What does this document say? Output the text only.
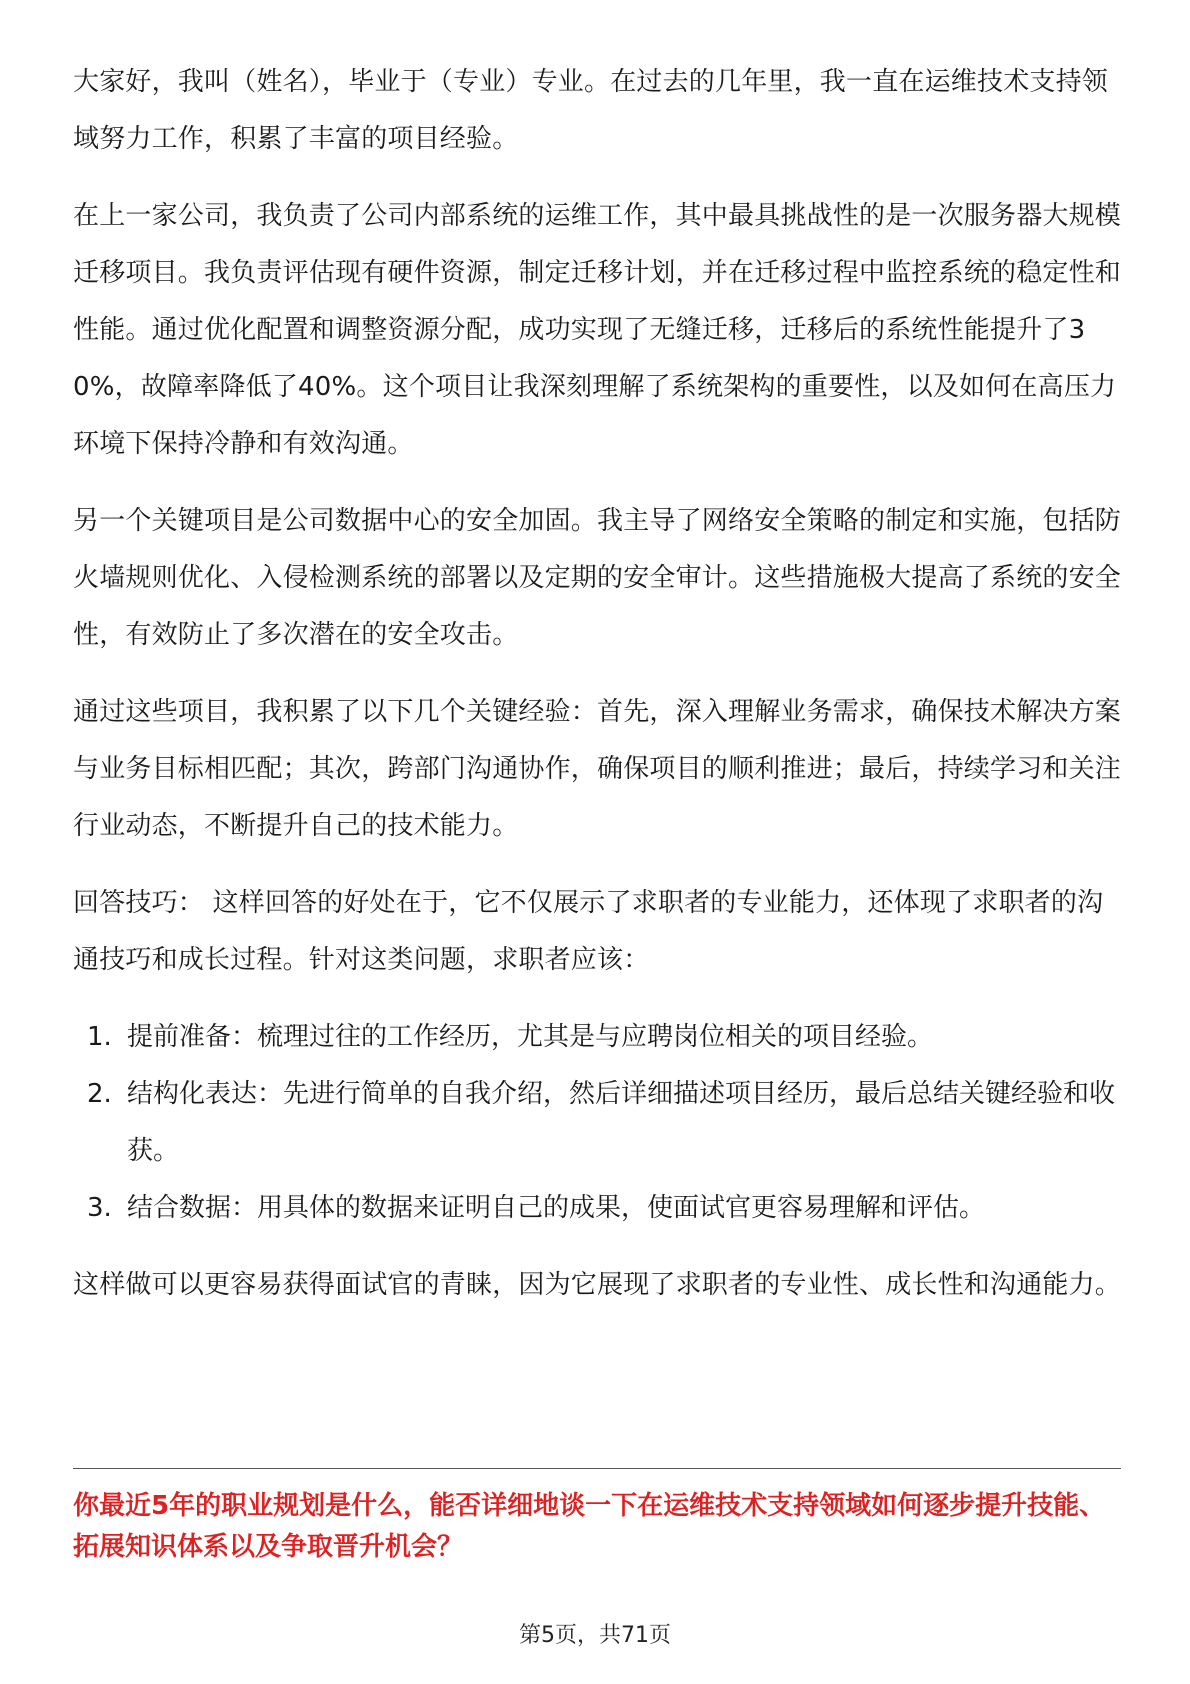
大家好，我叫（姓名），毕业于（专业）专业。在过去的几年里，我一直在运维技术支持领域努力工作，积累了丰富的项目经验。

在上一家公司，我负责了公司内部系统的运维工作，其中最具挑战性的是一次服务器大规模迁移项目。我负责评估现有硬件资源，制定迁移计划，并在迁移过程中监控系统的稳定性和性能。通过优化配置和调整资源分配，成功实现了无缝迁移，迁移后的系统性能提升了30%，故障率降低了40%。这个项目让我深刻理解了系统架构的重要性，以及如何在高压力环境下保持冷静和有效沟通。

另一个关键项目是公司数据中心的安全加固。我主导了网络安全策略的制定和实施，包括防火墙规则优化、入侵检测系统的部署以及定期的安全审计。这些措施极大提高了系统的安全性，有效防止了多次潜在的安全攻击。

通过这些项目，我积累了以下几个关键经验：首先，深入理解业务需求，确保技术解决方案与业务目标相匹配；其次，跨部门沟通协作，确保项目的顺利推进；最后，持续学习和关注行业动态，不断提升自己的技术能力。

回答技巧： 这样回答的好处在于，它不仅展示了求职者的专业能力，还体现了求职者的沟通技巧和成长过程。针对这类问题，求职者应该：

1. 提前准备：梳理过往的工作经历，尤其是与应聘岗位相关的项目经验。
2. 结构化表达：先进行简单的自我介绍，然后详细描述项目经历，最后总结关键经验和收获。
3. 结合数据：用具体的数据来证明自己的成果，使面试官更容易理解和评估。

这样做可以更容易获得面试官的青睐，因为它展现了求职者的专业性、成长性和沟通能力。

你最近5年的职业规划是什么，能否详细地谈一下在运维技术支持领域如何逐步提升技能、拓展知识体系以及争取晋升机会？
第5页，共71页
